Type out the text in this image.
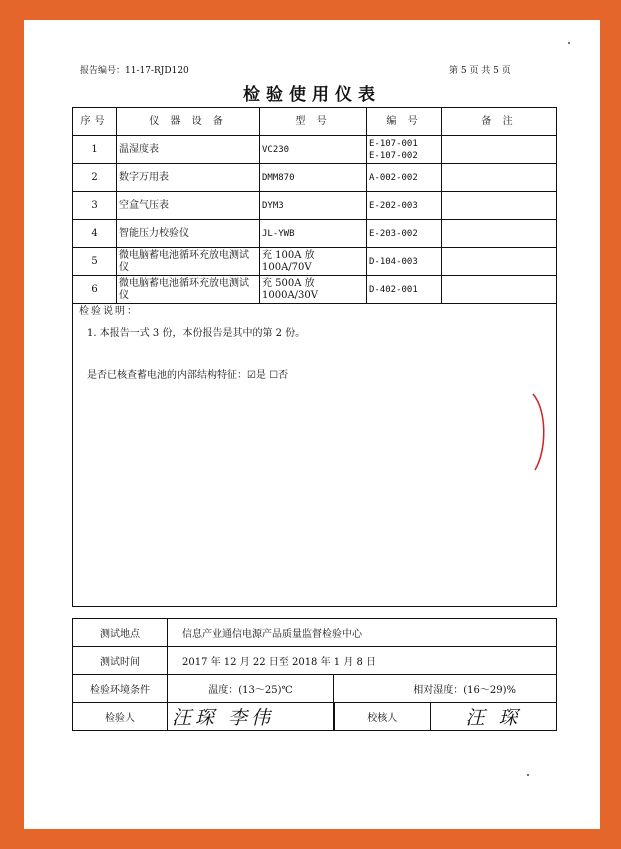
报告编号：11-17-RJD120	第 5 页 共 5 页
检验使用仪表
序号	仪 器 设 备	型 号	编 号	备 注
1	温湿度表	VC230	E-107-001
E-107-002	
2	数字万用表	DMM870	A-002-002	
3	空盒气压表	DYM3	E-202-003	
4	智能压力校验仪	JL-YWB	E-203-002	
5	微电脑蓄电池循环充放电测试仪	充 100A 放 100A/70V	D-104-003	
6	微电脑蓄电池循环充放电测试仪	充 500A 放 1000A/30V	D-402-001	

检验说明：
1. 本报告一式 3 份，本份报告是其中的第 2 份。
是否已核查蓄电池的内部结构特征：☑是 ☐否				
测试地点	信息产业通信电源产品质量监督检验中心		
测试时间	2017 年 12 月 22 日至 2018 年 1 月 8 日		
检验环境条件	温度：(13～25)℃	相对湿度：(16～29)%	
检验人	汪琛 李伟	校核人	汪 琛
